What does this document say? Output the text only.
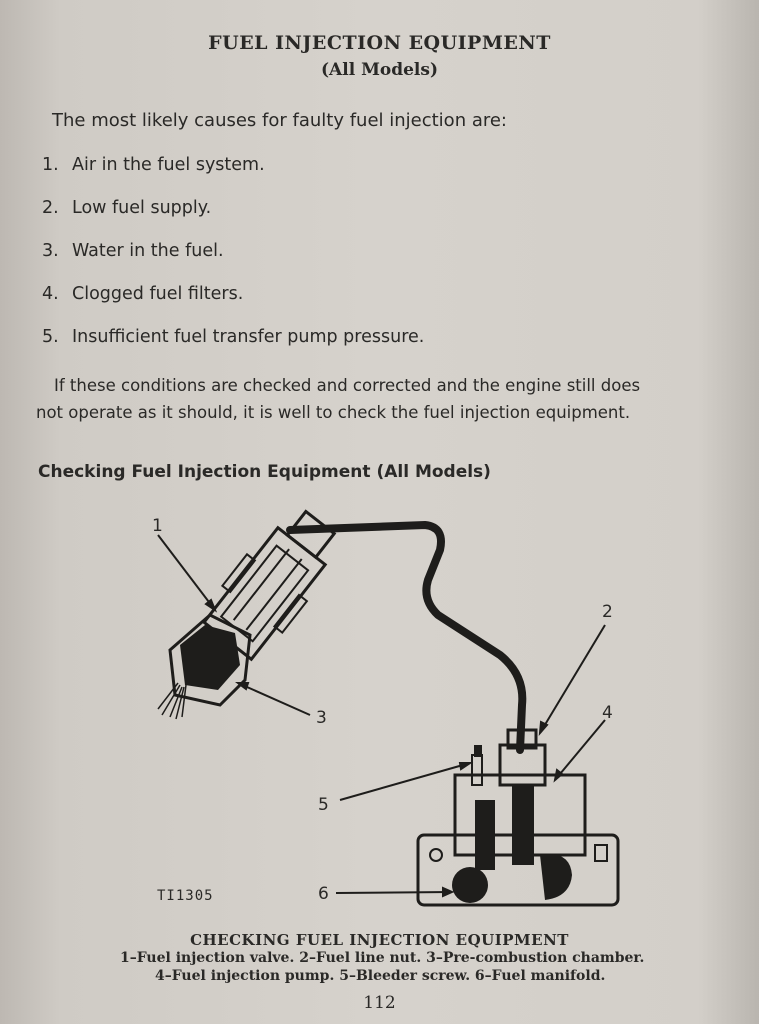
FUEL INJECTION EQUIPMENT
(All Models)
The most likely causes for faulty fuel injection are:
1. Air in the fuel system.
2. Low fuel supply.
3. Water in the fuel.
4. Clogged fuel filters.
5. Insufficient fuel transfer pump pressure.
If these conditions are checked and corrected and the engine still does
not operate as it should, it is well to check the fuel injection equipment.
Checking Fuel Injection Equipment (All Models)
1
2
3	4
5
6
TI1305
CHECKING FUEL INJECTION EQUIPMENT
1–Fuel injection valve. 2–Fuel line nut. 3–Pre-combustion chamber.
4–Fuel injection pump. 5–Bleeder screw. 6–Fuel manifold.
112
